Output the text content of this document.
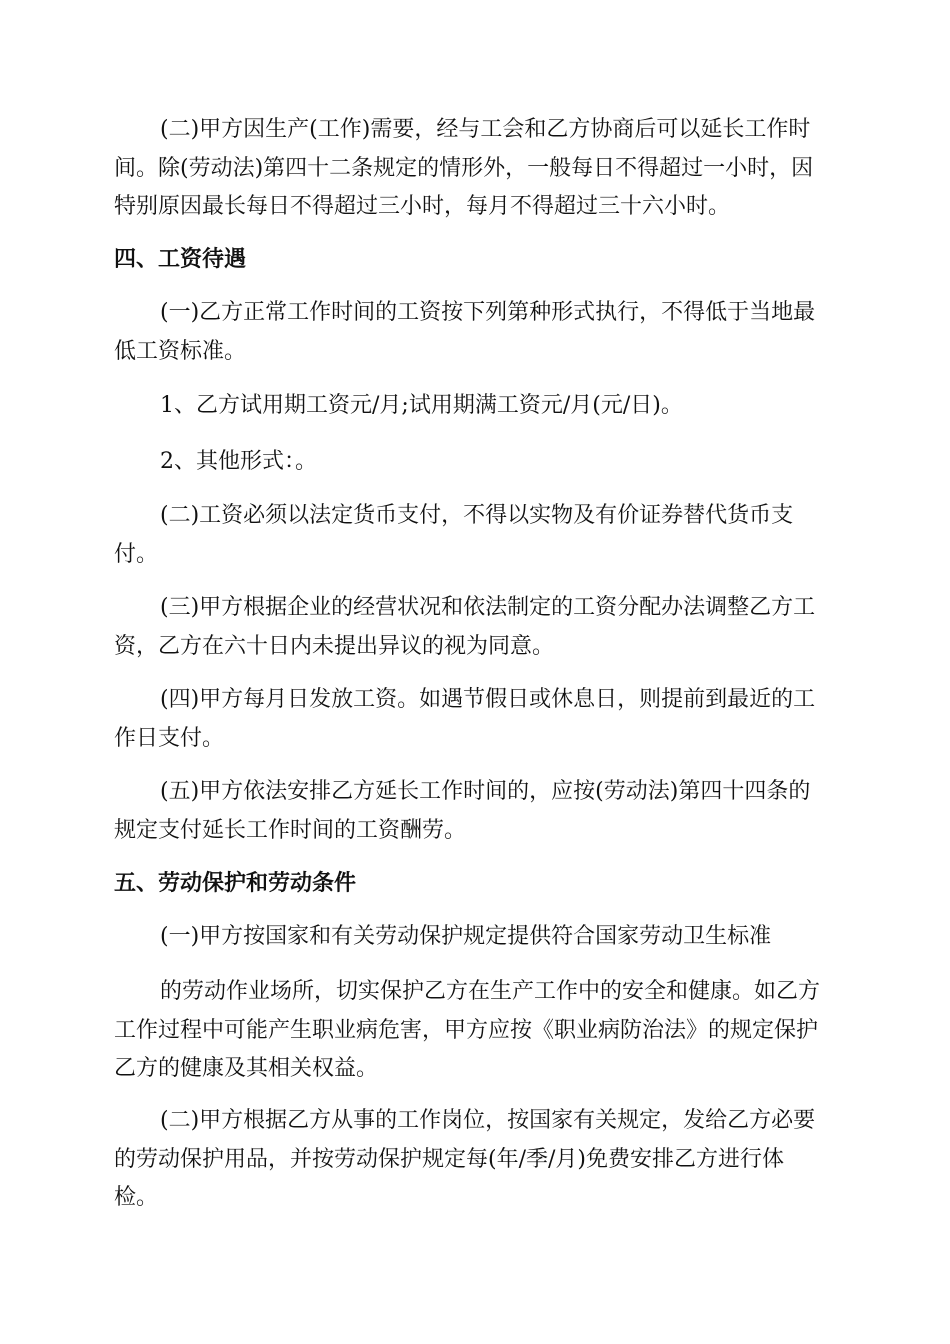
(二)甲方因生产(工作)需要，经与工会和乙方协商后可以延长工作时
间。除(劳动法)第四十二条规定的情形外，一般每日不得超过一小时，因
特别原因最长每日不得超过三小时，每月不得超过三十六小时。
四、工资待遇
(一)乙方正常工作时间的工资按下列第种形式执行，不得低于当地最
低工资标准。
1、乙方试用期工资元/月;试用期满工资元/月(元/日)。
2、其他形式：。
(二)工资必须以法定货币支付，不得以实物及有价证券替代货币支
付。
(三)甲方根据企业的经营状况和依法制定的工资分配办法调整乙方工
资，乙方在六十日内未提出异议的视为同意。
(四)甲方每月日发放工资。如遇节假日或休息日，则提前到最近的工
作日支付。
(五)甲方依法安排乙方延长工作时间的，应按(劳动法)第四十四条的
规定支付延长工作时间的工资酬劳。
五、劳动保护和劳动条件
(一)甲方按国家和有关劳动保护规定提供符合国家劳动卫生标准
的劳动作业场所，切实保护乙方在生产工作中的安全和健康。如乙方
工作过程中可能产生职业病危害，甲方应按《职业病防治法》的规定保护
乙方的健康及其相关权益。
(二)甲方根据乙方从事的工作岗位，按国家有关规定，发给乙方必要
的劳动保护用品，并按劳动保护规定每(年/季/月)免费安排乙方进行体
检。
